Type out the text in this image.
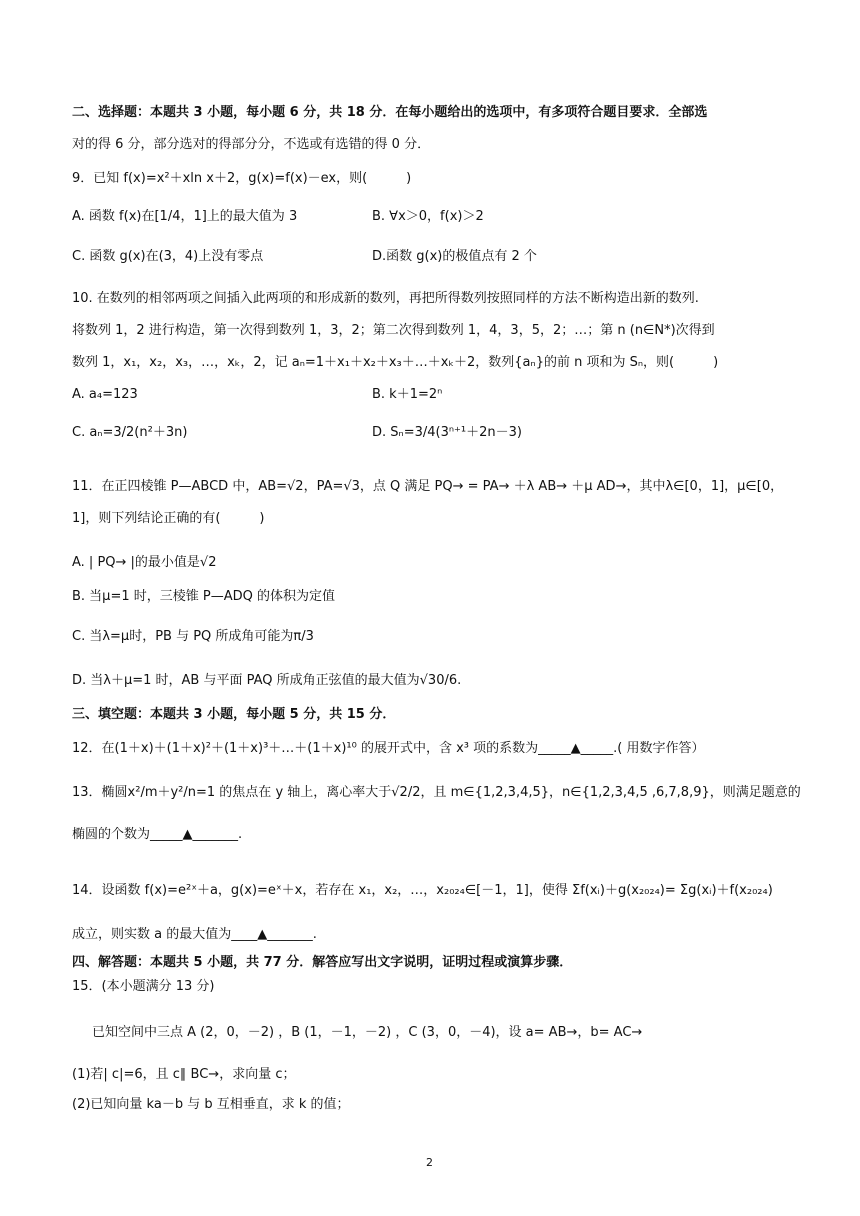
二、选择题：本题共 3 小题，每小题 6 分，共 18 分．在每小题给出的选项中，有多项符合题目要求．全部选
对的得 6 分，部分选对的得部分分，不选或有选错的得 0 分．
9．已知 f(x)=x²＋xln x＋2，g(x)=f(x)－ex，则(　　　)
A. 函数 f(x)在[1/4，1]上的最大值为 3	B. ∀x＞0，f(x)＞2
C. 函数 g(x)在(3，4)上没有零点	D.函数 g(x)的极值点有 2 个
10. 在数列的相邻两项之间插入此两项的和形成新的数列，再把所得数列按照同样的方法不断构造出新的数列.
将数列 1，2 进行构造，第一次得到数列 1，3，2；第二次得到数列 1，4，3，5，2；…；第 n (n∈N*)次得到
数列 1，x₁，x₂，x₃，…，xₖ，2，记 aₙ=1＋x₁＋x₂＋x₃＋…＋xₖ＋2，数列{aₙ}的前 n 项和为 Sₙ，则(　　　)
A. a₄=123	B. k＋1=2ⁿ
C. aₙ=3/2(n²＋3n)	D. Sₙ=3/4(3ⁿ⁺¹＋2n－3)
11．在正四棱锥 P—ABCD 中，AB=√2，PA=√3，点 Q 满足 PQ→ = PA→ ＋λ AB→ ＋μ AD→，其中λ∈[0，1]，μ∈[0，
1]，则下列结论正确的有(　　　)
A. | PQ→ |的最小值是√2
B. 当μ=1 时，三棱锥 P—ADQ 的体积为定值
C. 当λ=μ时，PB 与 PQ 所成角可能为π/3
D. 当λ＋μ=1 时，AB 与平面 PAQ 所成角正弦值的最大值为√30/6.
三、填空题：本题共 3 小题，每小题 5 分，共 15 分．
12．在(1＋x)＋(1＋x)²＋(1＋x)³＋…＋(1＋x)¹⁰ 的展开式中，含 x³ 项的系数为_____▲_____.( 用数字作答）
13．椭圆x²/m＋y²/n=1 的焦点在 y 轴上，离心率大于√2/2，且 m∈{1,2,3,4,5}，n∈{1,2,3,4,5 ,6,7,8,9}，则满足题意的
椭圆的个数为_____▲_______.
14．设函数 f(x)=e²ˣ＋a，g(x)=eˣ＋x，若存在 x₁，x₂，…，x₂₀₂₄∈[－1，1]，使得 Σf(xᵢ)＋g(x₂₀₂₄)= Σg(xᵢ)＋f(x₂₀₂₄)
成立，则实数 a 的最大值为____▲_______.
四、解答题：本题共 5 小题，共 77 分．解答应写出文字说明，证明过程或演算步骤．
15．(本小题满分 13 分)
已知空间中三点 A (2，0，－2) ，B (1，－1，－2) ，C (3，0，－4)，设 a= AB→，b= AC→
(1)若| c|=6，且 c∥ BC→，求向量 c；
(2)已知向量 ka－b 与 b 互相垂直，求 k 的值；
2
